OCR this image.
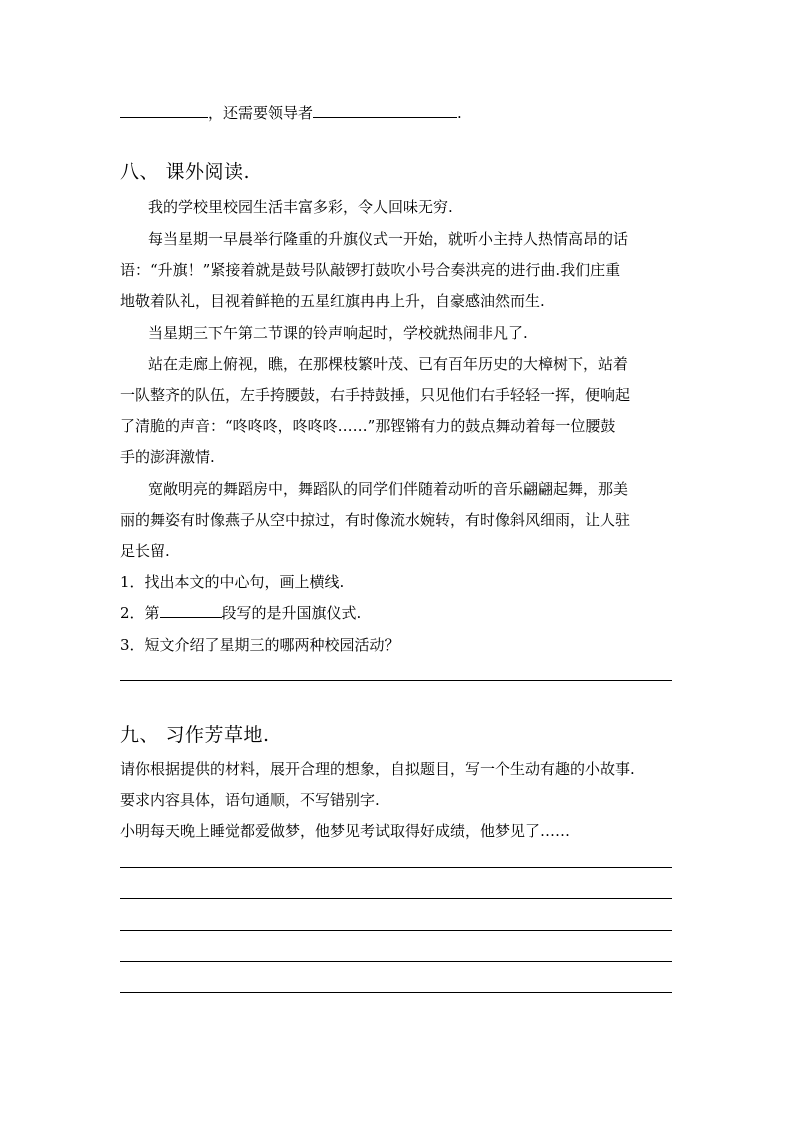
，还需要领导者	.
八、 课外阅读.
我的学校里校园生活丰富多彩，令人回味无穷.
每当星期一早晨举行隆重的升旗仪式一开始，就听小主持人热情高昂的话
语：“升旗！”紧接着就是鼓号队敲锣打鼓吹小号合奏洪亮的进行曲.我们庄重
地敬着队礼，目视着鲜艳的五星红旗冉冉上升，自豪感油然而生.
当星期三下午第二节课的铃声响起时，学校就热闹非凡了.
站在走廊上俯视，瞧，在那棵枝繁叶茂、已有百年历史的大樟树下，站着
一队整齐的队伍，左手挎腰鼓，右手持鼓捶，只见他们右手轻轻一挥，便响起
了清脆的声音：“咚咚咚，咚咚咚……”那铿锵有力的鼓点舞动着每一位腰鼓
手的澎湃激情.
宽敞明亮的舞蹈房中，舞蹈队的同学们伴随着动听的音乐翩翩起舞，那美
丽的舞姿有时像燕子从空中掠过，有时像流水婉转，有时像斜风细雨，让人驻
足长留.
1．找出本文的中心句，画上横线.
2．第	段写的是升国旗仪式.
3．短文介绍了星期三的哪两种校园活动？
九、 习作芳草地.
请你根据提供的材料，展开合理的想象，自拟题目，写一个生动有趣的小故事.
要求内容具体，语句通顺，不写错别字.
小明每天晚上睡觉都爱做梦，他梦见考试取得好成绩，他梦见了……
